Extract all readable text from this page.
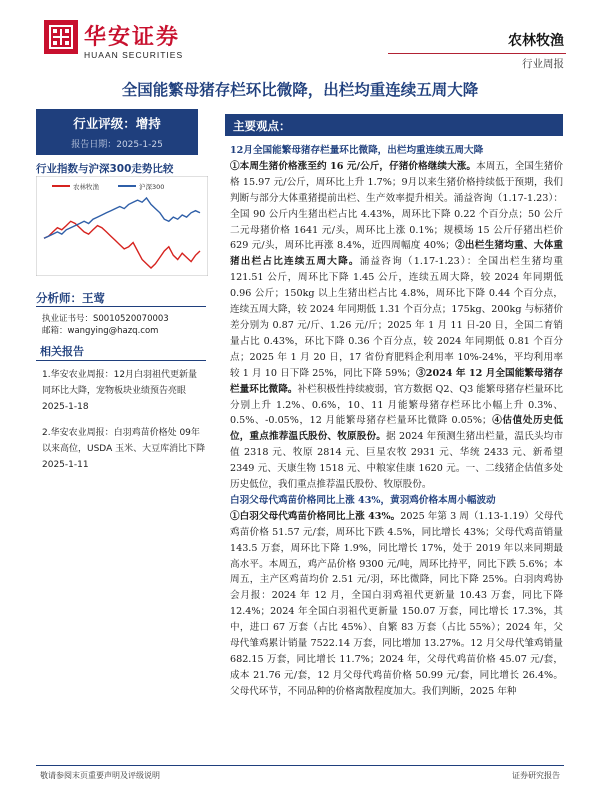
华安证券
HUAAN SECURITIES
农林牧渔
行业周报
全国能繁母猪存栏环比微降，出栏均重连续五周大降
行业评级：增持
报告日期：2025-1-25
行业指数与沪深300走势比较
农林牧渔	沪深300
分析师：王莺
执业证书号：S0010520070003
邮箱：wangying@hazq.com
相关报告
1.华安农业周报：12月白羽祖代更新量同环比大降，宠物板块业绩预告亮眼 2025-1-18
2.华安农业周报：白羽鸡苗价格处 09年以来高位，USDA 玉米、大豆库消比下降 2025-1-11
主要观点：

12月全国能繁母猪存栏量环比微降，出栏均重连续五周大降

①本周生猪价格涨至约 16 元/公斤，仔猪价格继续大涨。本周五，全国生猪价格 15.97 元/公斤，周环比上升 1.7%；9月以来生猪价格持续低于预期，我们判断与部分大体重猪提前出栏、生产效率提升相关。涌益咨询（1.17-1.23）：全国 90 公斤内生猪出栏占比 4.43%，周环比下降 0.22 个百分点；50 公斤二元母猪价格 1641 元/头，周环比上涨 0.1%；规模场 15 公斤仔猪出栏价 629 元/头，周环比再涨 8.4%，近四周幅度 40%；②出栏生猪均重、大体重猪出栏占比连续五周大降。涌益咨询（1.17-1.23）：全国出栏生猪均重 121.51 公斤，周环比下降 1.45 公斤，连续五周大降，较 2024 年同期低 0.96 公斤；150kg 以上生猪出栏占比 4.8%，周环比下降 0.44 个百分点，连续五周大降，较 2024 年同期低 1.31 个百分点；175kg、200kg 与标猪价差分别为 0.87 元/斤、1.26 元/斤；2025 年 1 月 11 日-20 日，全国二育销量占比 0.43%，环比下降 0.36 个百分点，较 2024 年同期低 0.81 个百分点；2025 年 1 月 20 日，17 省份育肥料企利用率 10%-24%，平均利用率较 1 月 10 日下降 25%，同比下降 59%；③2024 年 12 月全国能繁母猪存栏量环比微降。补栏积极性持续疲弱，官方数据 Q2、Q3 能繁母猪存栏量环比分别上升 1.2%、0.6%，10、11 月能繁母猪存栏环比小幅上升 0.3%、0.5%、-0.05%，12 月能繁母猪存栏量环比微降 0.05%；④估值处历史低位，重点推荐温氏股份、牧原股份。据 2024 年预测生猪出栏量，温氏头均市值 2318 元、牧原 2814 元、巨星农牧 2931 元、华统 2433 元、新希望 2349 元、天康生物 1518 元、中粮家佳康 1620 元。一、二线猪企估值多处历史低位，我们重点推荐温氏股份、牧原股份。

白羽父母代鸡苗价格同比上涨 43%，黄羽鸡价格本周小幅波动

①白羽父母代鸡苗价格同比上涨 43%。2025 年第 3 周（1.13-1.19）父母代鸡苗价格 51.57 元/套，周环比下跌 4.5%，同比增长 43%；父母代鸡苗销量 143.5 万套，周环比下降 1.9%，同比增长 17%，处于 2019 年以来同期最高水平。本周五，鸡产品价格 9300 元/吨，周环比持平，同比下跌 5.6%；本周五，主产区鸡苗均价 2.51 元/羽，环比微降，同比下降 25%。白羽肉鸡协会月报：2024 年 12 月，全国白羽鸡祖代更新量 10.43 万套，同比下降 12.4%；2024 年全国白羽祖代更新量 150.07 万套，同比增长 17.3%，其中，进口 67 万套（占比 45%）、自繁 83 万套（占比 55%）；2024 年，父母代雏鸡累计销量 7522.14 万套，同比增加 13.27%。12 月父母代雏鸡销量 682.15 万套，同比增长 11.7%；2024 年，父母代鸡苗价格 45.07 元/套，成本 21.76 元/套，12 月父母代鸡苗价格 50.99 元/套，同比增长 26.4%。父母代环节，不同品种的价格离散程度加大。我们判断，2025 年种

敬请参阅末页重要声明及评级说明	证券研究报告
